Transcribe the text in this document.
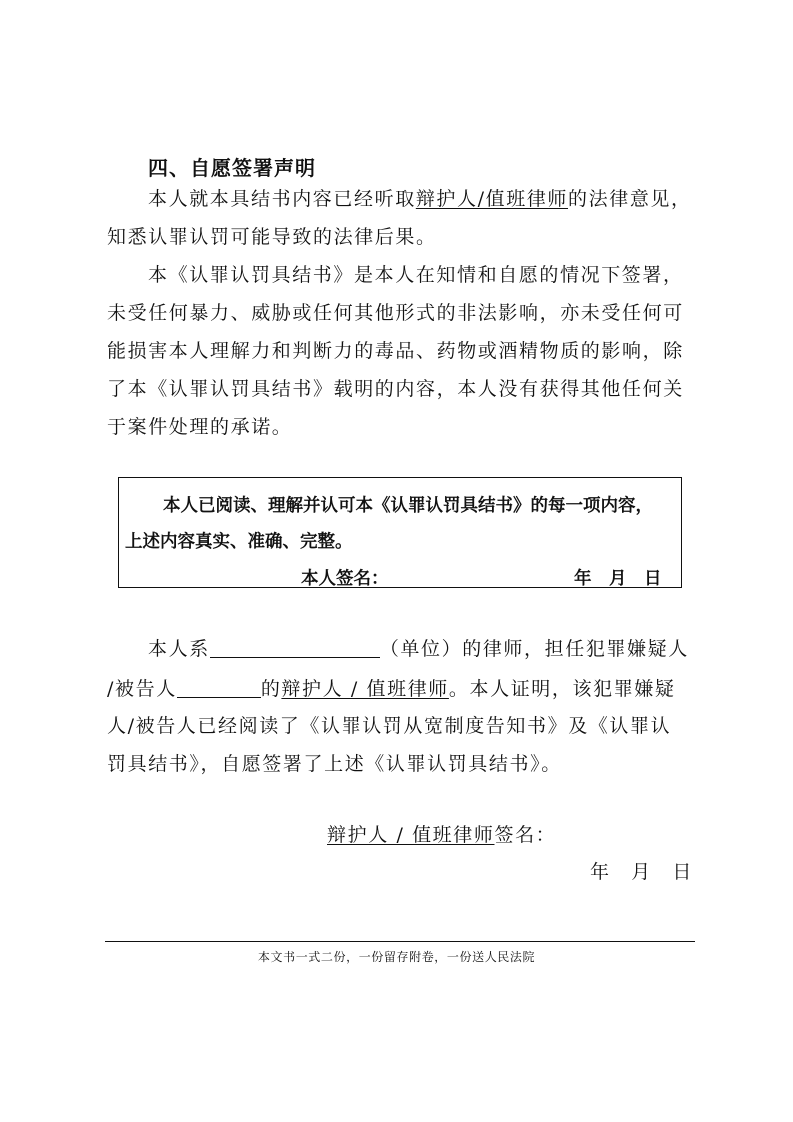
四、自愿签署声明
本人就本具结书内容已经听取辩护人/值班律师的法律意见，
知悉认罪认罚可能导致的法律后果。
本《认罪认罚具结书》是本人在知情和自愿的情况下签署，
未受任何暴力、威胁或任何其他形式的非法影响，亦未受任何可
能损害本人理解力和判断力的毒品、药物或酒精物质的影响，除
了本《认罪认罚具结书》载明的内容，本人没有获得其他任何关
于案件处理的承诺。
本人已阅读、理解并认可本《认罪认罚具结书》的每一项内容，
上述内容真实、准确、完整。
本人签名：	年　月　日
本人系	（单位）的律师，担任犯罪嫌疑人
/被告人	的辩护人 / 值班律师。本人证明，该犯罪嫌疑
人/被告人已经阅读了《认罪认罚从宽制度告知书》及《认罪认
罚具结书》，自愿签署了上述《认罪认罚具结书》。
辩护人 / 值班律师签名：
年　月　日
本文书一式二份，一份留存附卷，一份送人民法院
